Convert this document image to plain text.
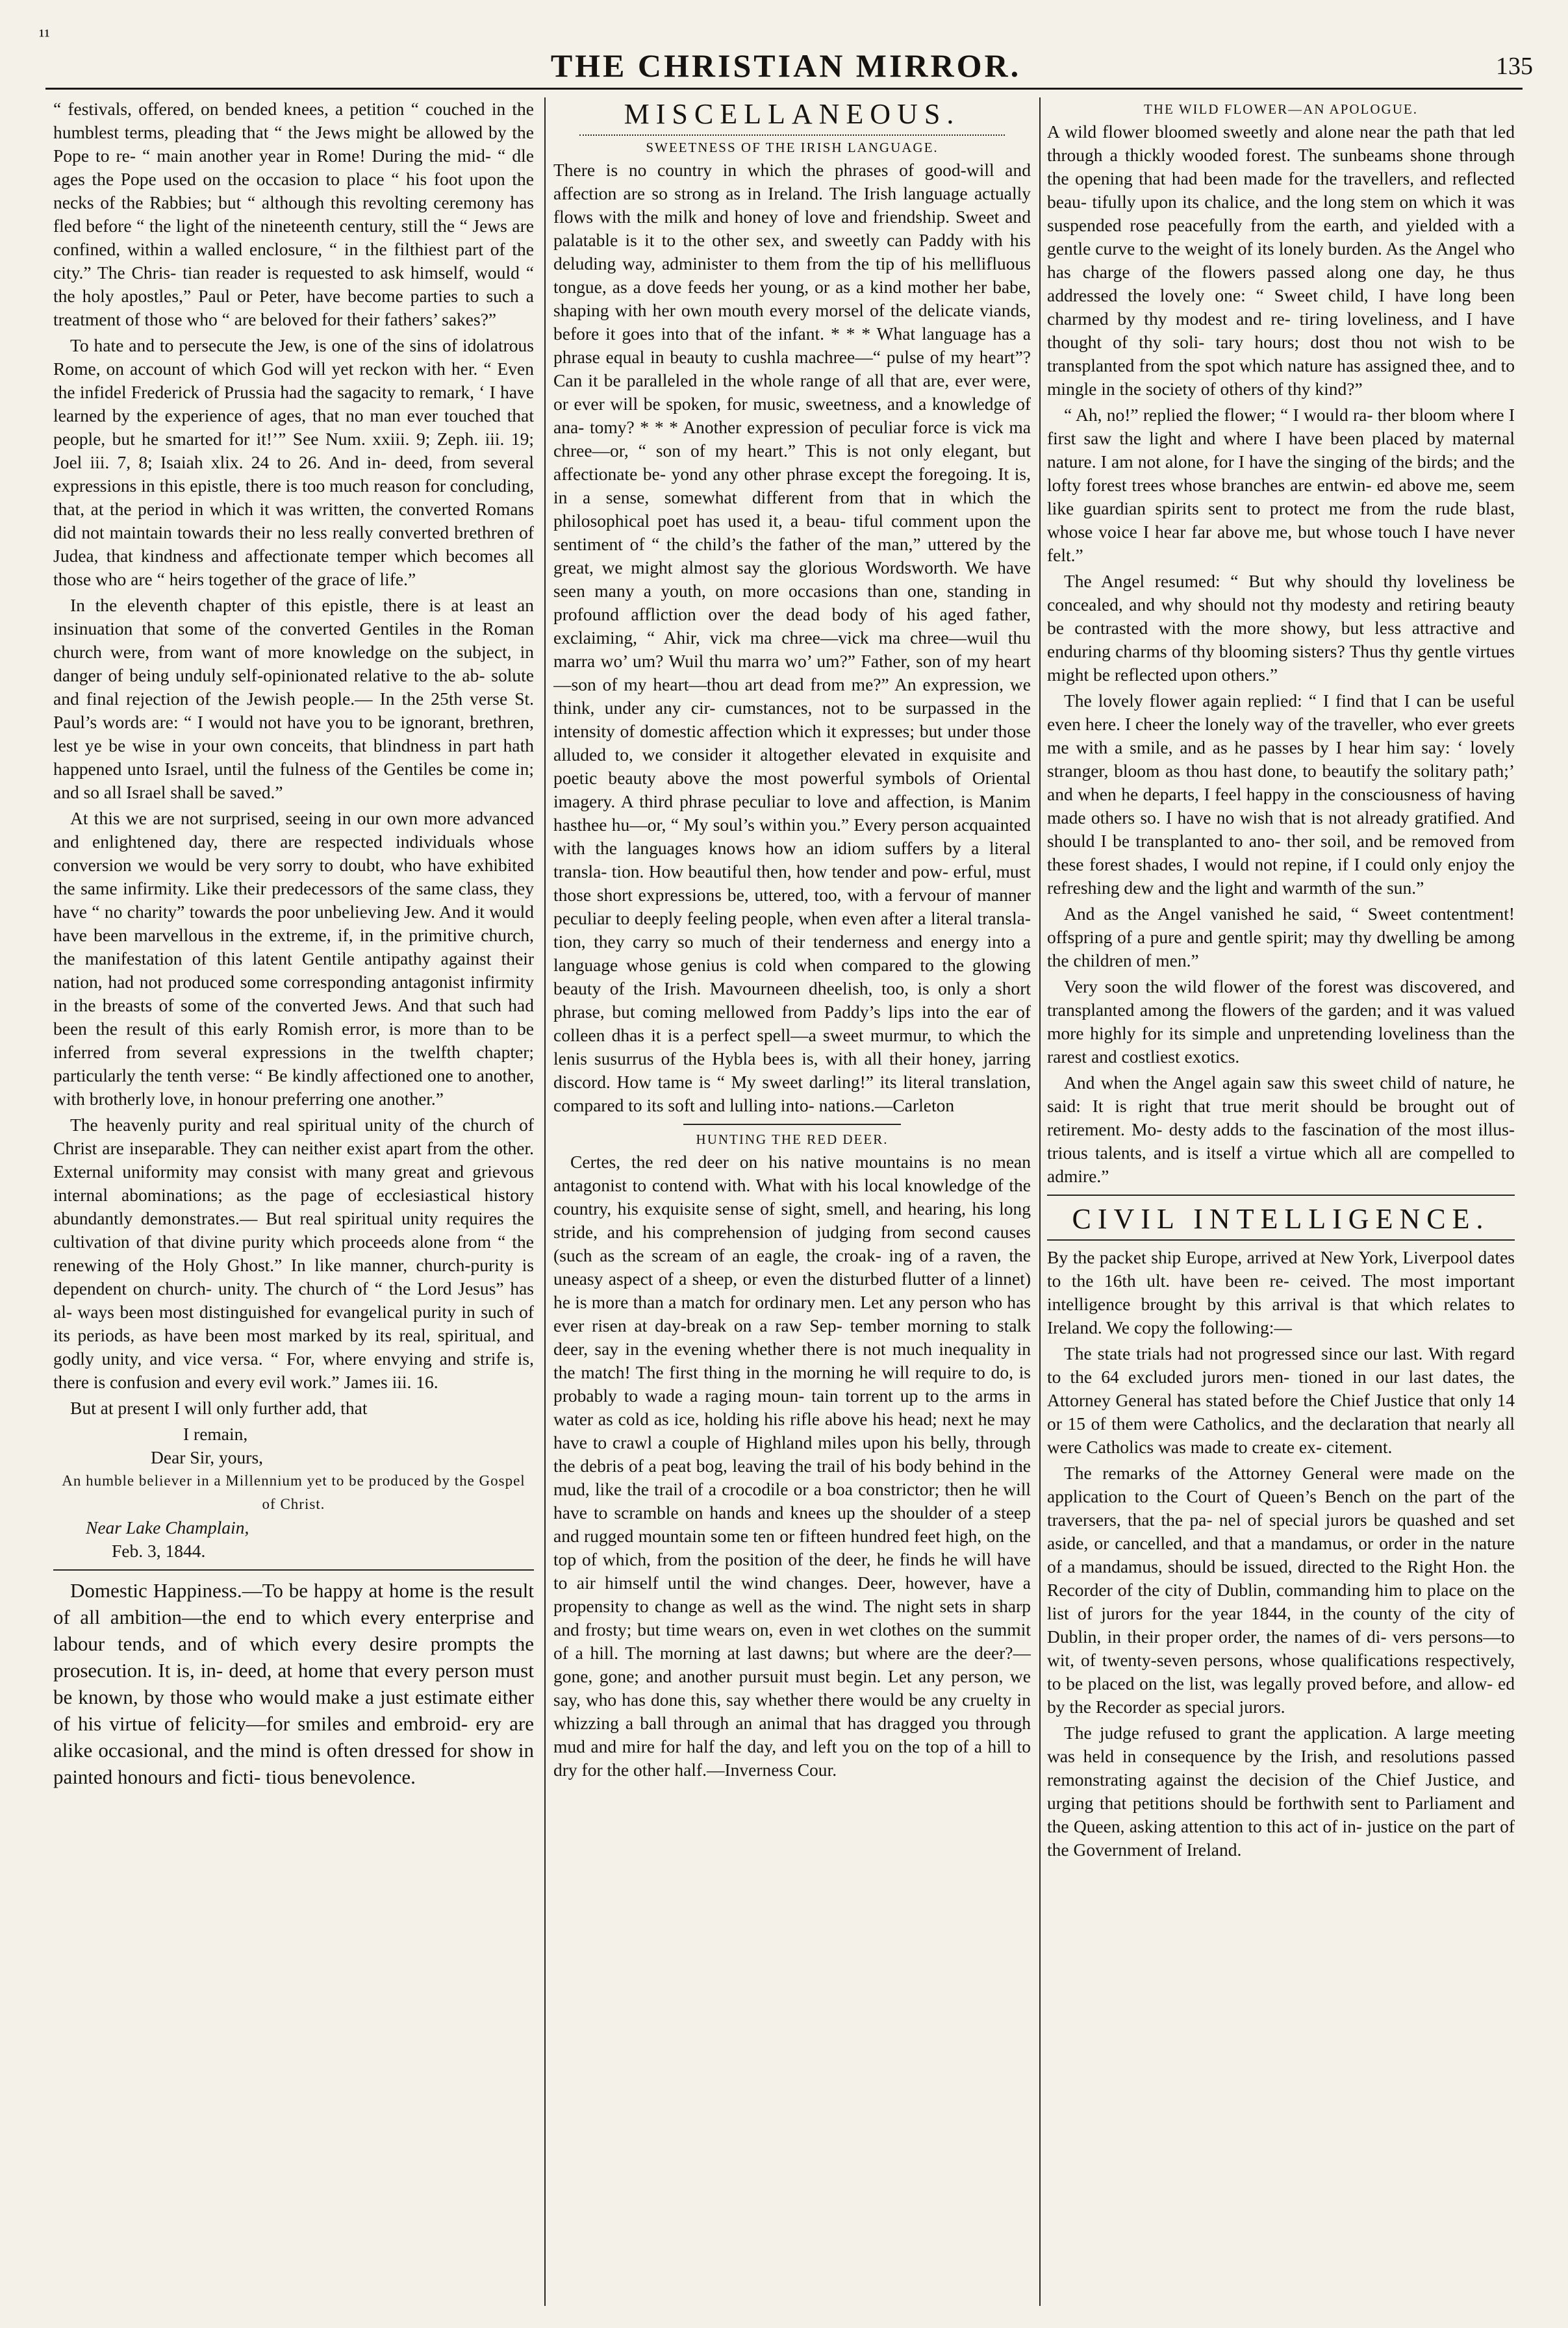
¹¹
THE CHRISTIAN MIRROR.	135

“ festivals, offered, on bended knees, a petition “ couched in the humblest terms, pleading that “ the Jews might be allowed by the Pope to re- “ main another year in Rome! During the mid- “ dle ages the Pope used on the occasion to place “ his foot upon the necks of the Rabbies; but “ although this revolting ceremony has fled before “ the light of the nineteenth century, still the “ Jews are confined, within a walled enclosure, “ in the filthiest part of the city.” The Chris- tian reader is requested to ask himself, would “ the holy apostles,” Paul or Peter, have become parties to such a treatment of those who “ are beloved for their fathers’ sakes?”

To hate and to persecute the Jew, is one of the sins of idolatrous Rome, on account of which God will yet reckon with her. “ Even the infidel Frederick of Prussia had the sagacity to remark, ‘ I have learned by the experience of ages, that no man ever touched that people, but he smarted for it!’” See Num. xxiii. 9; Zeph. iii. 19; Joel iii. 7, 8; Isaiah xlix. 24 to 26. And in- deed, from several expressions in this epistle, there is too much reason for concluding, that, at the period in which it was written, the converted Romans did not maintain towards their no less really converted brethren of Judea, that kindness and affectionate temper which becomes all those who are “ heirs together of the grace of life.”

In the eleventh chapter of this epistle, there is at least an insinuation that some of the converted Gentiles in the Roman church were, from want of more knowledge on the subject, in danger of being unduly self-opinionated relative to the ab- solute and final rejection of the Jewish people.— In the 25th verse St. Paul’s words are: “ I would not have you to be ignorant, brethren, lest ye be wise in your own conceits, that blindness in part hath happened unto Israel, until the fulness of the Gentiles be come in; and so all Israel shall be saved.”

At this we are not surprised, seeing in our own more advanced and enlightened day, there are respected individuals whose conversion we would be very sorry to doubt, who have exhibited the same infirmity. Like their predecessors of the same class, they have “ no charity” towards the poor unbelieving Jew. And it would have been marvellous in the extreme, if, in the primitive church, the manifestation of this latent Gentile antipathy against their nation, had not produced some corresponding antagonist infirmity in the breasts of some of the converted Jews. And that such had been the result of this early Romish error, is more than to be inferred from several expressions in the twelfth chapter; particularly the tenth verse: “ Be kindly affectioned one to another, with brotherly love, in honour preferring one another.”

The heavenly purity and real spiritual unity of the church of Christ are inseparable. They can neither exist apart from the other. External uniformity may consist with many great and grievous internal abominations; as the page of ecclesiastical history abundantly demonstrates.— But real spiritual unity requires the cultivation of that divine purity which proceeds alone from “ the renewing of the Holy Ghost.” In like manner, church-purity is dependent on church- unity. The church of “ the Lord Jesus” has al- ways been most distinguished for evangelical purity in such of its periods, as have been most marked by its real, spiritual, and godly unity, and vice versa. “ For, where envying and strife is, there is confusion and every evil work.” James iii. 16.

But at present I will only further add, that

I remain,
Dear Sir, yours,
An humble believer in a Millennium yet to be produced by the Gospel of Christ.
Near Lake Champlain,
Feb. 3, 1844.

Domestic Happiness.—To be happy at home is the result of all ambition—the end to which every enterprise and labour tends, and of which every desire prompts the prosecution. It is, in- deed, at home that every person must be known, by those who would make a just estimate either of his virtue of felicity—for smiles and embroid- ery are alike occasional, and the mind is often dressed for show in painted honours and ficti- tious benevolence.

MISCELLANEOUS.
SWEETNESS OF THE IRISH LANGUAGE.

There is no country in which the phrases of good-will and affection are so strong as in Ireland. The Irish language actually flows with the milk and honey of love and friendship. Sweet and palatable is it to the other sex, and sweetly can Paddy with his deluding way, administer to them from the tip of his mellifluous tongue, as a dove feeds her young, or as a kind mother her babe, shaping with her own mouth every morsel of the delicate viands, before it goes into that of the infant. * * * What language has a phrase equal in beauty to cushla machree—“ pulse of my heart”? Can it be paralleled in the whole range of all that are, ever were, or ever will be spoken, for music, sweetness, and a knowledge of ana- tomy? * * * Another expression of peculiar force is vick ma chree—or, “ son of my heart.” This is not only elegant, but affectionate be- yond any other phrase except the foregoing. It is, in a sense, somewhat different from that in which the philosophical poet has used it, a beau- tiful comment upon the sentiment of “ the child’s the father of the man,” uttered by the great, we might almost say the glorious Wordsworth. We have seen many a youth, on more occasions than one, standing in profound affliction over the dead body of his aged father, exclaiming, “ Ahir, vick ma chree—vick ma chree—wuil thu marra wo’ um? Wuil thu marra wo’ um?” Father, son of my heart—son of my heart—thou art dead from me?” An expression, we think, under any cir- cumstances, not to be surpassed in the intensity of domestic affection which it expresses; but under those alluded to, we consider it altogether elevated in exquisite and poetic beauty above the most powerful symbols of Oriental imagery. A third phrase peculiar to love and affection, is Manim hasthee hu—or, “ My soul’s within you.” Every person acquainted with the languages knows how an idiom suffers by a literal transla- tion. How beautiful then, how tender and pow- erful, must those short expressions be, uttered, too, with a fervour of manner peculiar to deeply feeling people, when even after a literal transla- tion, they carry so much of their tenderness and energy into a language whose genius is cold when compared to the glowing beauty of the Irish. Mavourneen dheelish, too, is only a short phrase, but coming mellowed from Paddy’s lips into the ear of colleen dhas it is a perfect spell—a sweet murmur, to which the lenis susurrus of the Hybla bees is, with all their honey, jarring discord. How tame is “ My sweet darling!” its literal translation, compared to its soft and lulling into- nations.—Carleton

HUNTING THE RED DEER.

Certes, the red deer on his native mountains is no mean antagonist to contend with. What with his local knowledge of the country, his exquisite sense of sight, smell, and hearing, his long stride, and his comprehension of judging from second causes (such as the scream of an eagle, the croak- ing of a raven, the uneasy aspect of a sheep, or even the disturbed flutter of a linnet) he is more than a match for ordinary men. Let any person who has ever risen at day-break on a raw Sep- tember morning to stalk deer, say in the evening whether there is not much inequality in the match! The first thing in the morning he will require to do, is probably to wade a raging moun- tain torrent up to the arms in water as cold as ice, holding his rifle above his head; next he may have to crawl a couple of Highland miles upon his belly, through the debris of a peat bog, leaving the trail of his body behind in the mud, like the trail of a crocodile or a boa constrictor; then he will have to scramble on hands and knees up the shoulder of a steep and rugged mountain some ten or fifteen hundred feet high, on the top of which, from the position of the deer, he finds he will have to air himself until the wind changes. Deer, however, have a propensity to change as well as the wind. The night sets in sharp and frosty; but time wears on, even in wet clothes on the summit of a hill. The morning at last dawns; but where are the deer?—gone, gone; and another pursuit must begin. Let any person, we say, who has done this, say whether there would be any cruelty in whizzing a ball through an animal that has dragged you through mud and mire for half the day, and left you on the top of a hill to dry for the other half.—Inverness Cour.

THE WILD FLOWER—AN APOLOGUE.

A wild flower bloomed sweetly and alone near the path that led through a thickly wooded forest. The sunbeams shone through the opening that had been made for the travellers, and reflected beau- tifully upon its chalice, and the long stem on which it was suspended rose peacefully from the earth, and yielded with a gentle curve to the weight of its lonely burden. As the Angel who has charge of the flowers passed along one day, he thus addressed the lovely one: “ Sweet child, I have long been charmed by thy modest and re- tiring loveliness, and I have thought of thy soli- tary hours; dost thou not wish to be transplanted from the spot which nature has assigned thee, and to mingle in the society of others of thy kind?”

“ Ah, no!” replied the flower; “ I would ra- ther bloom where I first saw the light and where I have been placed by maternal nature. I am not alone, for I have the singing of the birds; and the lofty forest trees whose branches are entwin- ed above me, seem like guardian spirits sent to protect me from the rude blast, whose voice I hear far above me, but whose touch I have never felt.”

The Angel resumed: “ But why should thy loveliness be concealed, and why should not thy modesty and retiring beauty be contrasted with the more showy, but less attractive and enduring charms of thy blooming sisters? Thus thy gentle virtues might be reflected upon others.”

The lovely flower again replied: “ I find that I can be useful even here. I cheer the lonely way of the traveller, who ever greets me with a smile, and as he passes by I hear him say: ‘ lovely stranger, bloom as thou hast done, to beautify the solitary path;’ and when he departs, I feel happy in the consciousness of having made others so. I have no wish that is not already gratified. And should I be transplanted to ano- ther soil, and be removed from these forest shades, I would not repine, if I could only enjoy the refreshing dew and the light and warmth of the sun.”

And as the Angel vanished he said, “ Sweet contentment! offspring of a pure and gentle spirit; may thy dwelling be among the children of men.”

Very soon the wild flower of the forest was discovered, and transplanted among the flowers of the garden; and it was valued more highly for its simple and unpretending loveliness than the rarest and costliest exotics.

And when the Angel again saw this sweet child of nature, he said: It is right that true merit should be brought out of retirement. Mo- desty adds to the fascination of the most illus- trious talents, and is itself a virtue which all are compelled to admire.”

CIVIL INTELLIGENCE.

By the packet ship Europe, arrived at New York, Liverpool dates to the 16th ult. have been re- ceived. The most important intelligence brought by this arrival is that which relates to Ireland. We copy the following:—

The state trials had not progressed since our last. With regard to the 64 excluded jurors men- tioned in our last dates, the Attorney General has stated before the Chief Justice that only 14 or 15 of them were Catholics, and the declaration that nearly all were Catholics was made to create ex- citement.

The remarks of the Attorney General were made on the application to the Court of Queen’s Bench on the part of the traversers, that the pa- nel of special jurors be quashed and set aside, or cancelled, and that a mandamus, or order in the nature of a mandamus, should be issued, directed to the Right Hon. the Recorder of the city of Dublin, commanding him to place on the list of jurors for the year 1844, in the county of the city of Dublin, in their proper order, the names of di- vers persons—to wit, of twenty-seven persons, whose qualifications respectively, to be placed on the list, was legally proved before, and allow- ed by the Recorder as special jurors.

The judge refused to grant the application. A large meeting was held in consequence by the Irish, and resolutions passed remonstrating against the decision of the Chief Justice, and urging that petitions should be forthwith sent to Parliament and the Queen, asking attention to this act of in- justice on the part of the Government of Ireland.
